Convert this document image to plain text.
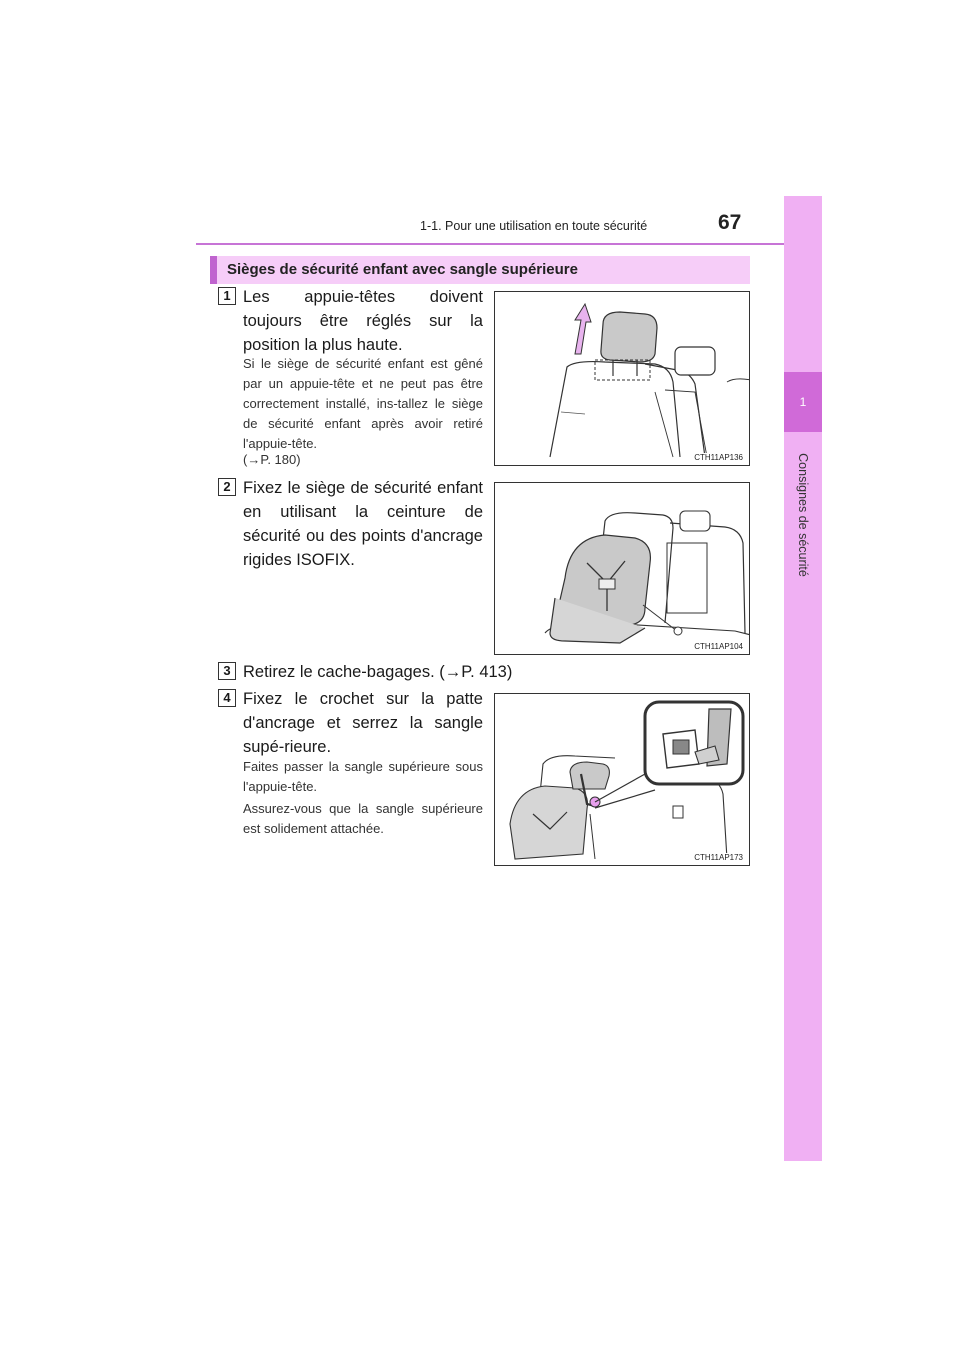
1-1. Pour une utilisation en toute sécurité	67
1
Consignes de sécurité
Sièges de sécurité enfant avec sangle supérieure
1 Les appuie-têtes doivent toujours être réglés sur la position la plus haute.
Si le siège de sécurité enfant est gêné par un appuie-tête et ne peut pas être correctement installé, ins-tallez le siège de sécurité enfant après avoir retiré l'appuie-tête.
(→P. 180)	CTH11AP136
2 Fixez le siège de sécurité enfant en utilisant la ceinture de sécurité ou des points d'ancrage rigides ISOFIX.
CTH11AP104
3 Retirez le cache-bagages. (→P. 413)
4 Fixez le crochet sur la patte d'ancrage et serrez la sangle supé-rieure.
Faites passer la sangle supérieure sous l'appuie-tête.
Assurez-vous que la sangle supérieure est solidement attachée.
CTH11AP173
